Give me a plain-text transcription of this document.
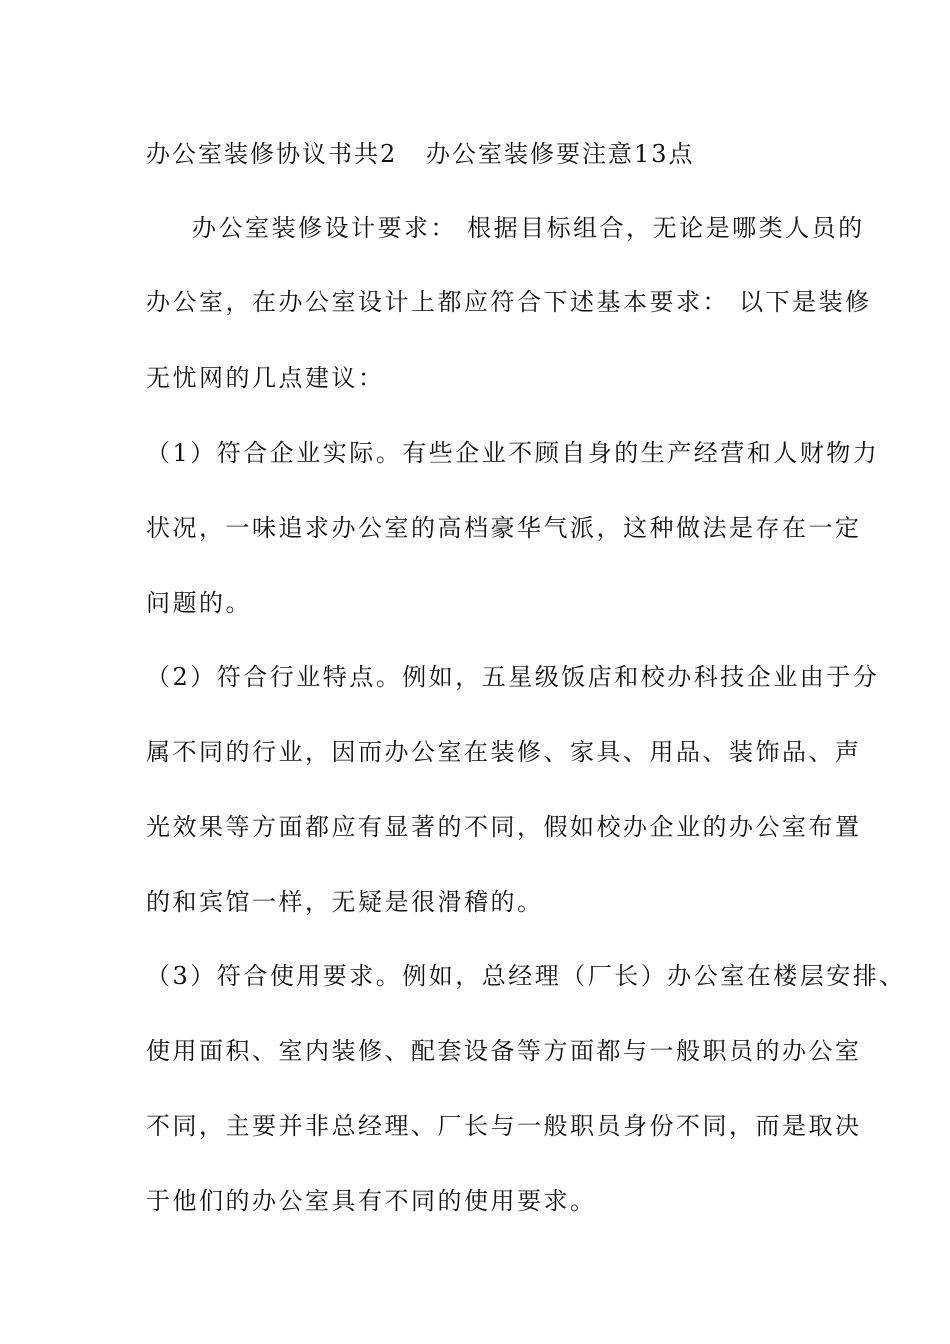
办公室装修协议书共2 办公室装修要注意13点
办公室装修设计要求： 根据目标组合，无论是哪类人员的
办公室，在办公室设计上都应符合下述基本要求： 以下是装修
无忧网的几点建议：
（1）符合企业实际。有些企业不顾自身的生产经营和人财物力
状况，一味追求办公室的高档豪华气派，这种做法是存在一定
问题的。
（2）符合行业特点。例如，五星级饭店和校办科技企业由于分
属不同的行业，因而办公室在装修、家具、用品、装饰品、声
光效果等方面都应有显著的不同，假如校办企业的办公室布置
的和宾馆一样，无疑是很滑稽的。
（3）符合使用要求。例如，总经理（厂长）办公室在楼层安排、
使用面积、室内装修、配套设备等方面都与一般职员的办公室
不同，主要并非总经理、厂长与一般职员身份不同，而是取决
于他们的办公室具有不同的使用要求。
